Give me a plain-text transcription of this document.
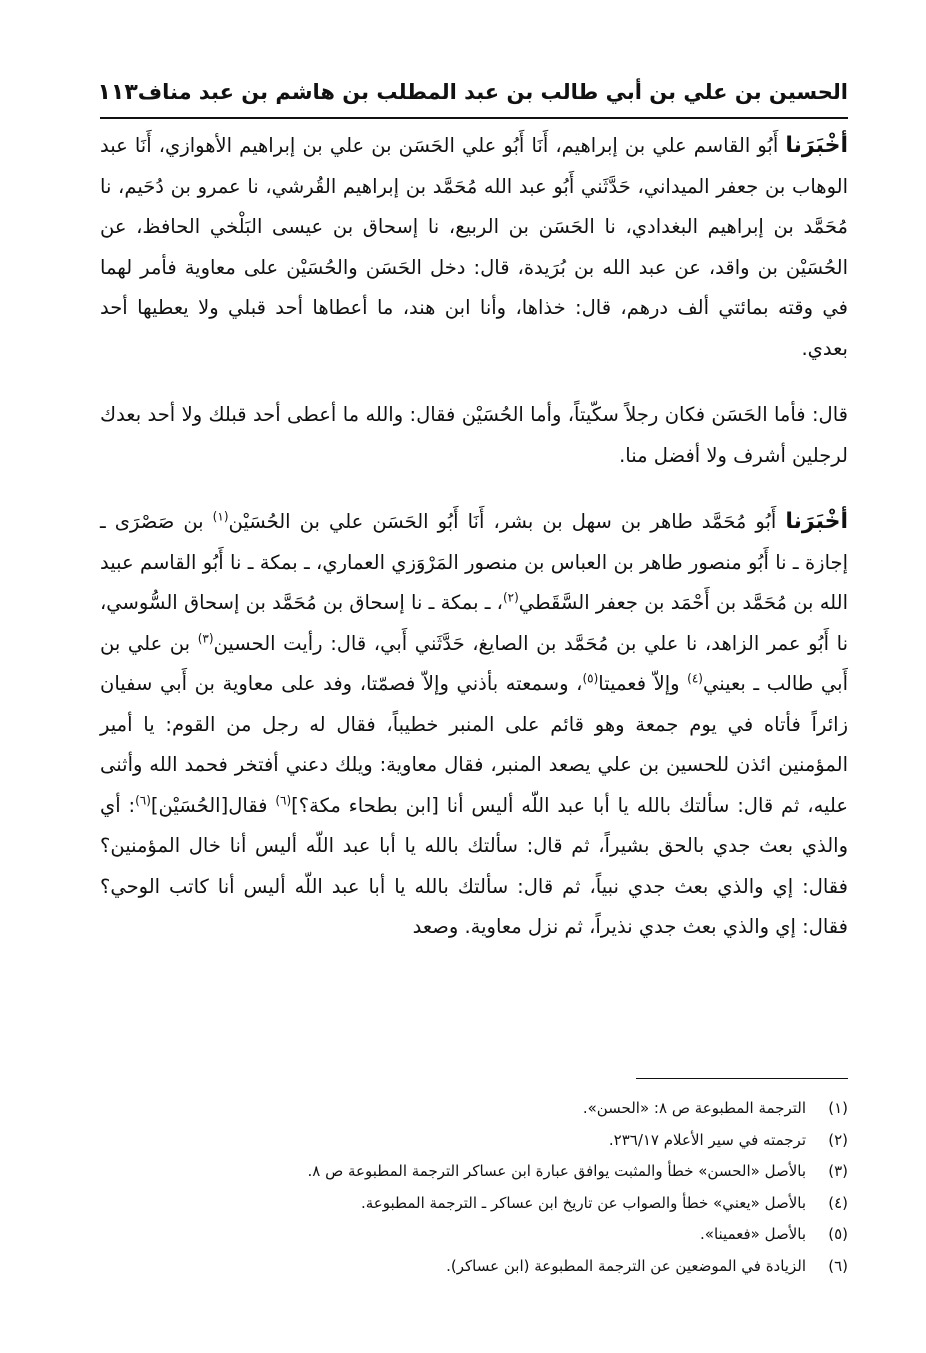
الحسين بن علي بن أبي طالب بن عبد المطلب بن هاشم بن عبد مناف
١١٣

أخْبَرَنا أَبُو القاسم علي بن إبراهيم، أَنَا أَبُو علي الحَسَن بن علي بن إبراهيم الأهوازي، أَنَا عبد الوهاب بن جعفر الميداني، حَدَّثَني أَبُو عبد الله مُحَمَّد بن إبراهيم القُرشي، نا عمرو بن دُحَيم، نا مُحَمَّد بن إبراهيم البغدادي، نا الحَسَن بن الربيع، نا إسحاق بن عيسى البَلْخي الحافظ، عن الحُسَيْن بن واقد، عن عبد الله بن بُرَيدة، قال: دخل الحَسَن والحُسَيْن على معاوية فأمر لهما في وقته بمائتي ألف درهم، قال: خذاها، وأنا ابن هند، ما أعطاها أحد قبلي ولا يعطيها أحد بعدي.

قال: فأما الحَسَن فكان رجلاً سكّيتاً، وأما الحُسَيْن فقال: والله ما أعطى أحد قبلك ولا أحد بعدك لرجلين أشرف ولا أفضل منا.

أخْبَرَنا أَبُو مُحَمَّد طاهر بن سهل بن بشر، أَنَا أَبُو الحَسَن علي بن الحُسَيْن$^{(١)}$ بن صَصْرَى ـ إجازة ـ نا أَبُو منصور طاهر بن العباس بن منصور المَرْوَزي العماري، ـ بمكة ـ نا أَبُو القاسم عبيد الله بن مُحَمَّد بن أَحْمَد بن جعفر السَّقَطي$^{(٢)}$، ـ بمكة ـ نا إسحاق بن مُحَمَّد بن إسحاق السُّوسي، نا أَبُو عمر الزاهد، نا علي بن مُحَمَّد بن الصايغ، حَدَّثَني أَبي، قال: رأيت الحسين$^{(٣)}$ بن علي بن أَبي طالب ـ بعيني$^{(٤)}$ وإلاّ فعميتا$^{(٥)}$، وسمعته بأذني وإلاّ فصمّتا، وفد على معاوية بن أَبي سفيان زائراً فأتاه في يوم جمعة وهو قائم على المنبر خطيباً، فقال له رجل من القوم: يا أمير المؤمنين ائذن للحسين بن علي يصعد المنبر، فقال معاوية: ويلك دعني أفتخر فحمد الله وأثنى عليه، ثم قال: سألتك بالله يا أبا عبد اللّه أليس أنا [ابن بطحاء مكة؟]$^{(٦)}$ فقال[الحُسَيْن]$^{(٦)}$: أي والذي بعث جدي بالحق بشيراً، ثم قال: سألتك بالله يا أبا عبد اللّه أليس أنا خال المؤمنين؟ فقال: إي والذي بعث جدي نبياً، ثم قال: سألتك بالله يا أبا عبد اللّه أليس أنا كاتب الوحي؟ فقال: إي والذي بعث جدي نذيراً، ثم نزل معاوية. وصعد

(١)
الترجمة المطبوعة ص ٨: «الحسن».
(٢)
ترجمته في سير الأعلام ٢٣٦/١٧.
(٣)
بالأصل «الحسن» خطأ والمثبت يوافق عبارة ابن عساكر الترجمة المطبوعة ص ٨.
(٤)
بالأصل «يعني» خطأ والصواب عن تاريخ ابن عساكر ـ الترجمة المطبوعة.
(٥)
بالأصل «فعمينا».
(٦)
الزيادة في الموضعين عن الترجمة المطبوعة (ابن عساكر).
